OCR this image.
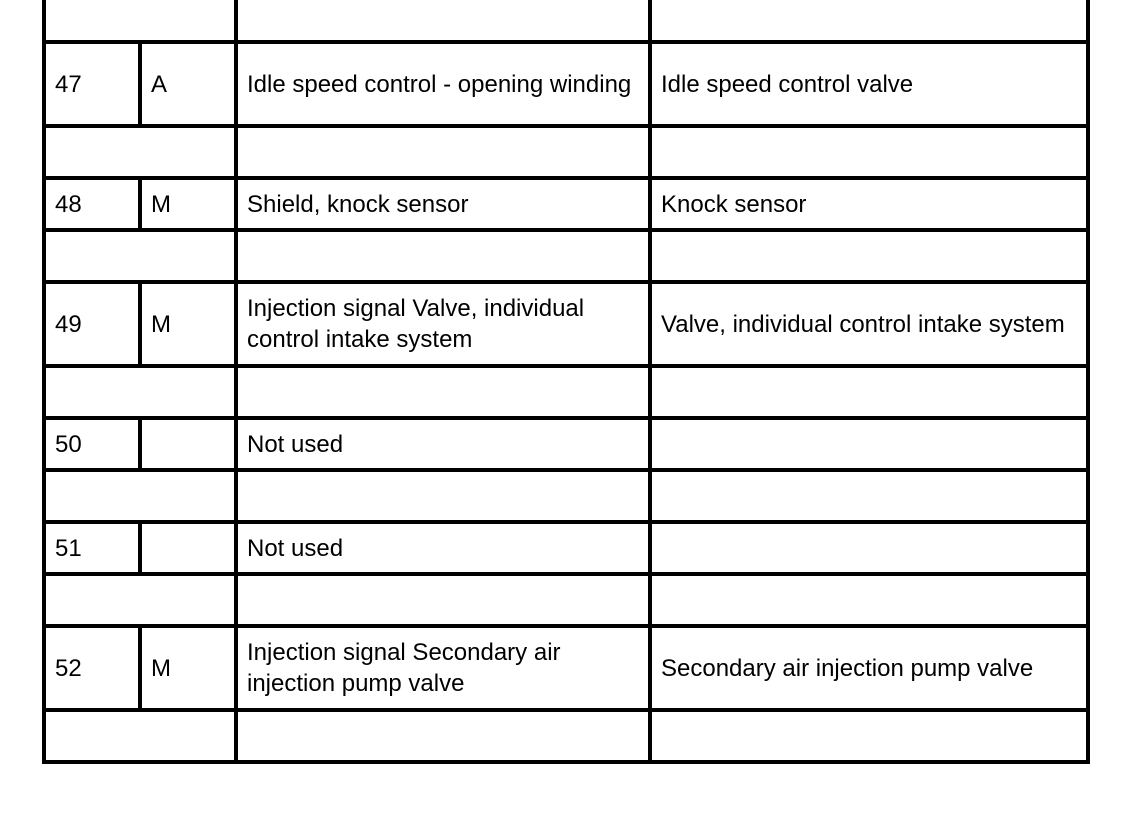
47	A	Idle speed control - opening winding	Idle speed control valve

48	M	Shield, knock sensor	Knock sensor

49	M	Injection signal Valve, individual control intake system	Valve, individual control intake system

50		Not used	

51		Not used	

52	M	Injection signal Secondary air injection pump valve	Secondary air injection pump valve
